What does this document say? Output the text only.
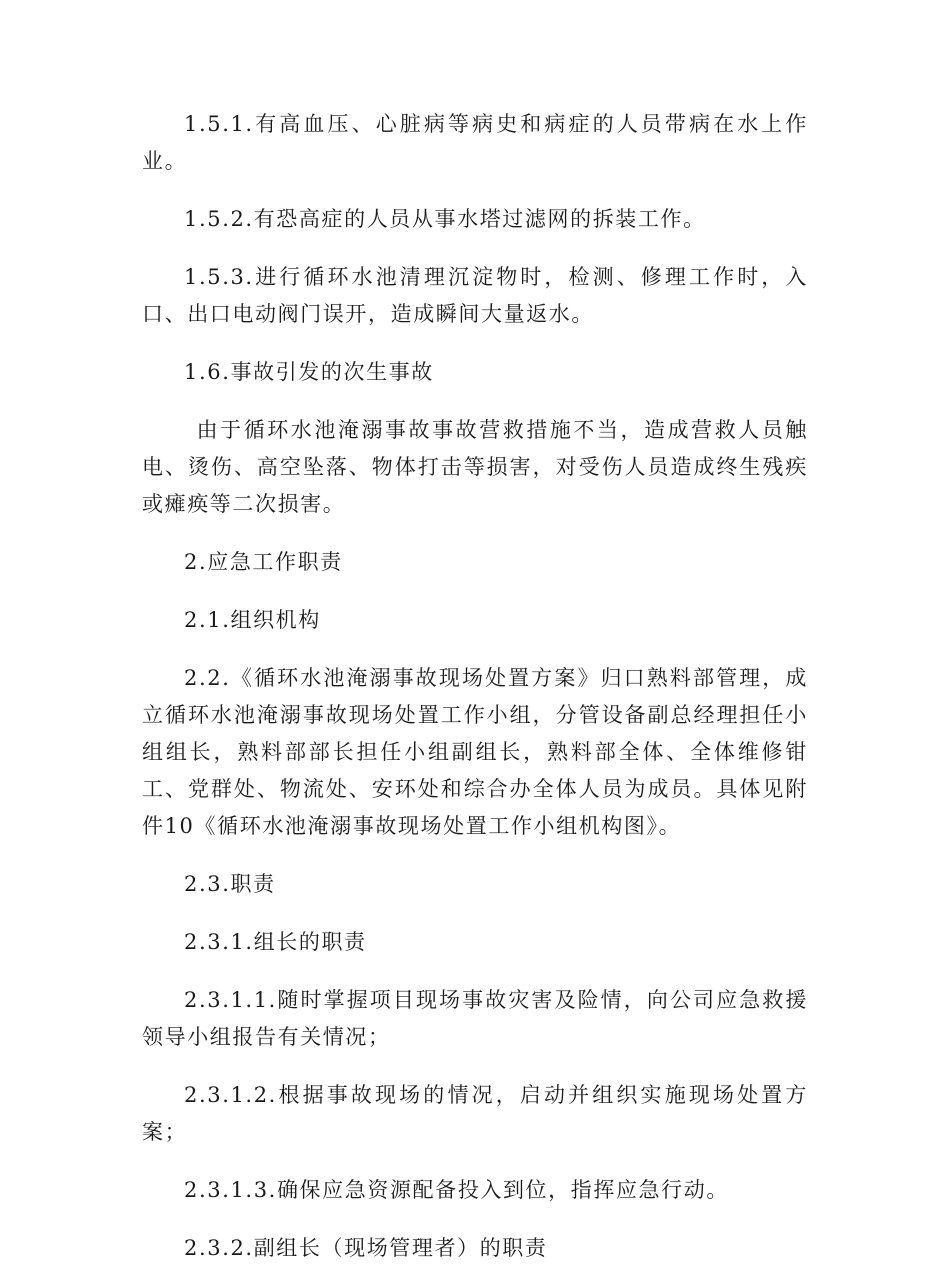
1.5.1.有高血压、心脏病等病史和病症的人员带病在水上作业。

1.5.2.有恐高症的人员从事水塔过滤网的拆装工作。

1.5.3.进行循环水池清理沉淀物时，检测、修理工作时，入口、出口电动阀门误开，造成瞬间大量返水。

1.6.事故引发的次生事故

由于循环水池淹溺事故事故营救措施不当，造成营救人员触电、烫伤、高空坠落、物体打击等损害，对受伤人员造成终生残疾或瘫痪等二次损害。

2.应急工作职责

2.1.组织机构

2.2.《循环水池淹溺事故现场处置方案》归口熟料部管理，成立循环水池淹溺事故现场处置工作小组，分管设备副总经理担任小组组长，熟料部部长担任小组副组长，熟料部全体、全体维修钳工、党群处、物流处、安环处和综合办全体人员为成员。具体见附件10《循环水池淹溺事故现场处置工作小组机构图》。

2.3.职责

2.3.1.组长的职责

2.3.1.1.随时掌握项目现场事故灾害及险情，向公司应急救援领导小组报告有关情况；

2.3.1.2.根据事故现场的情况，启动并组织实施现场处置方案；

2.3.1.3.确保应急资源配备投入到位，指挥应急行动。

2.3.2.副组长（现场管理者）的职责
